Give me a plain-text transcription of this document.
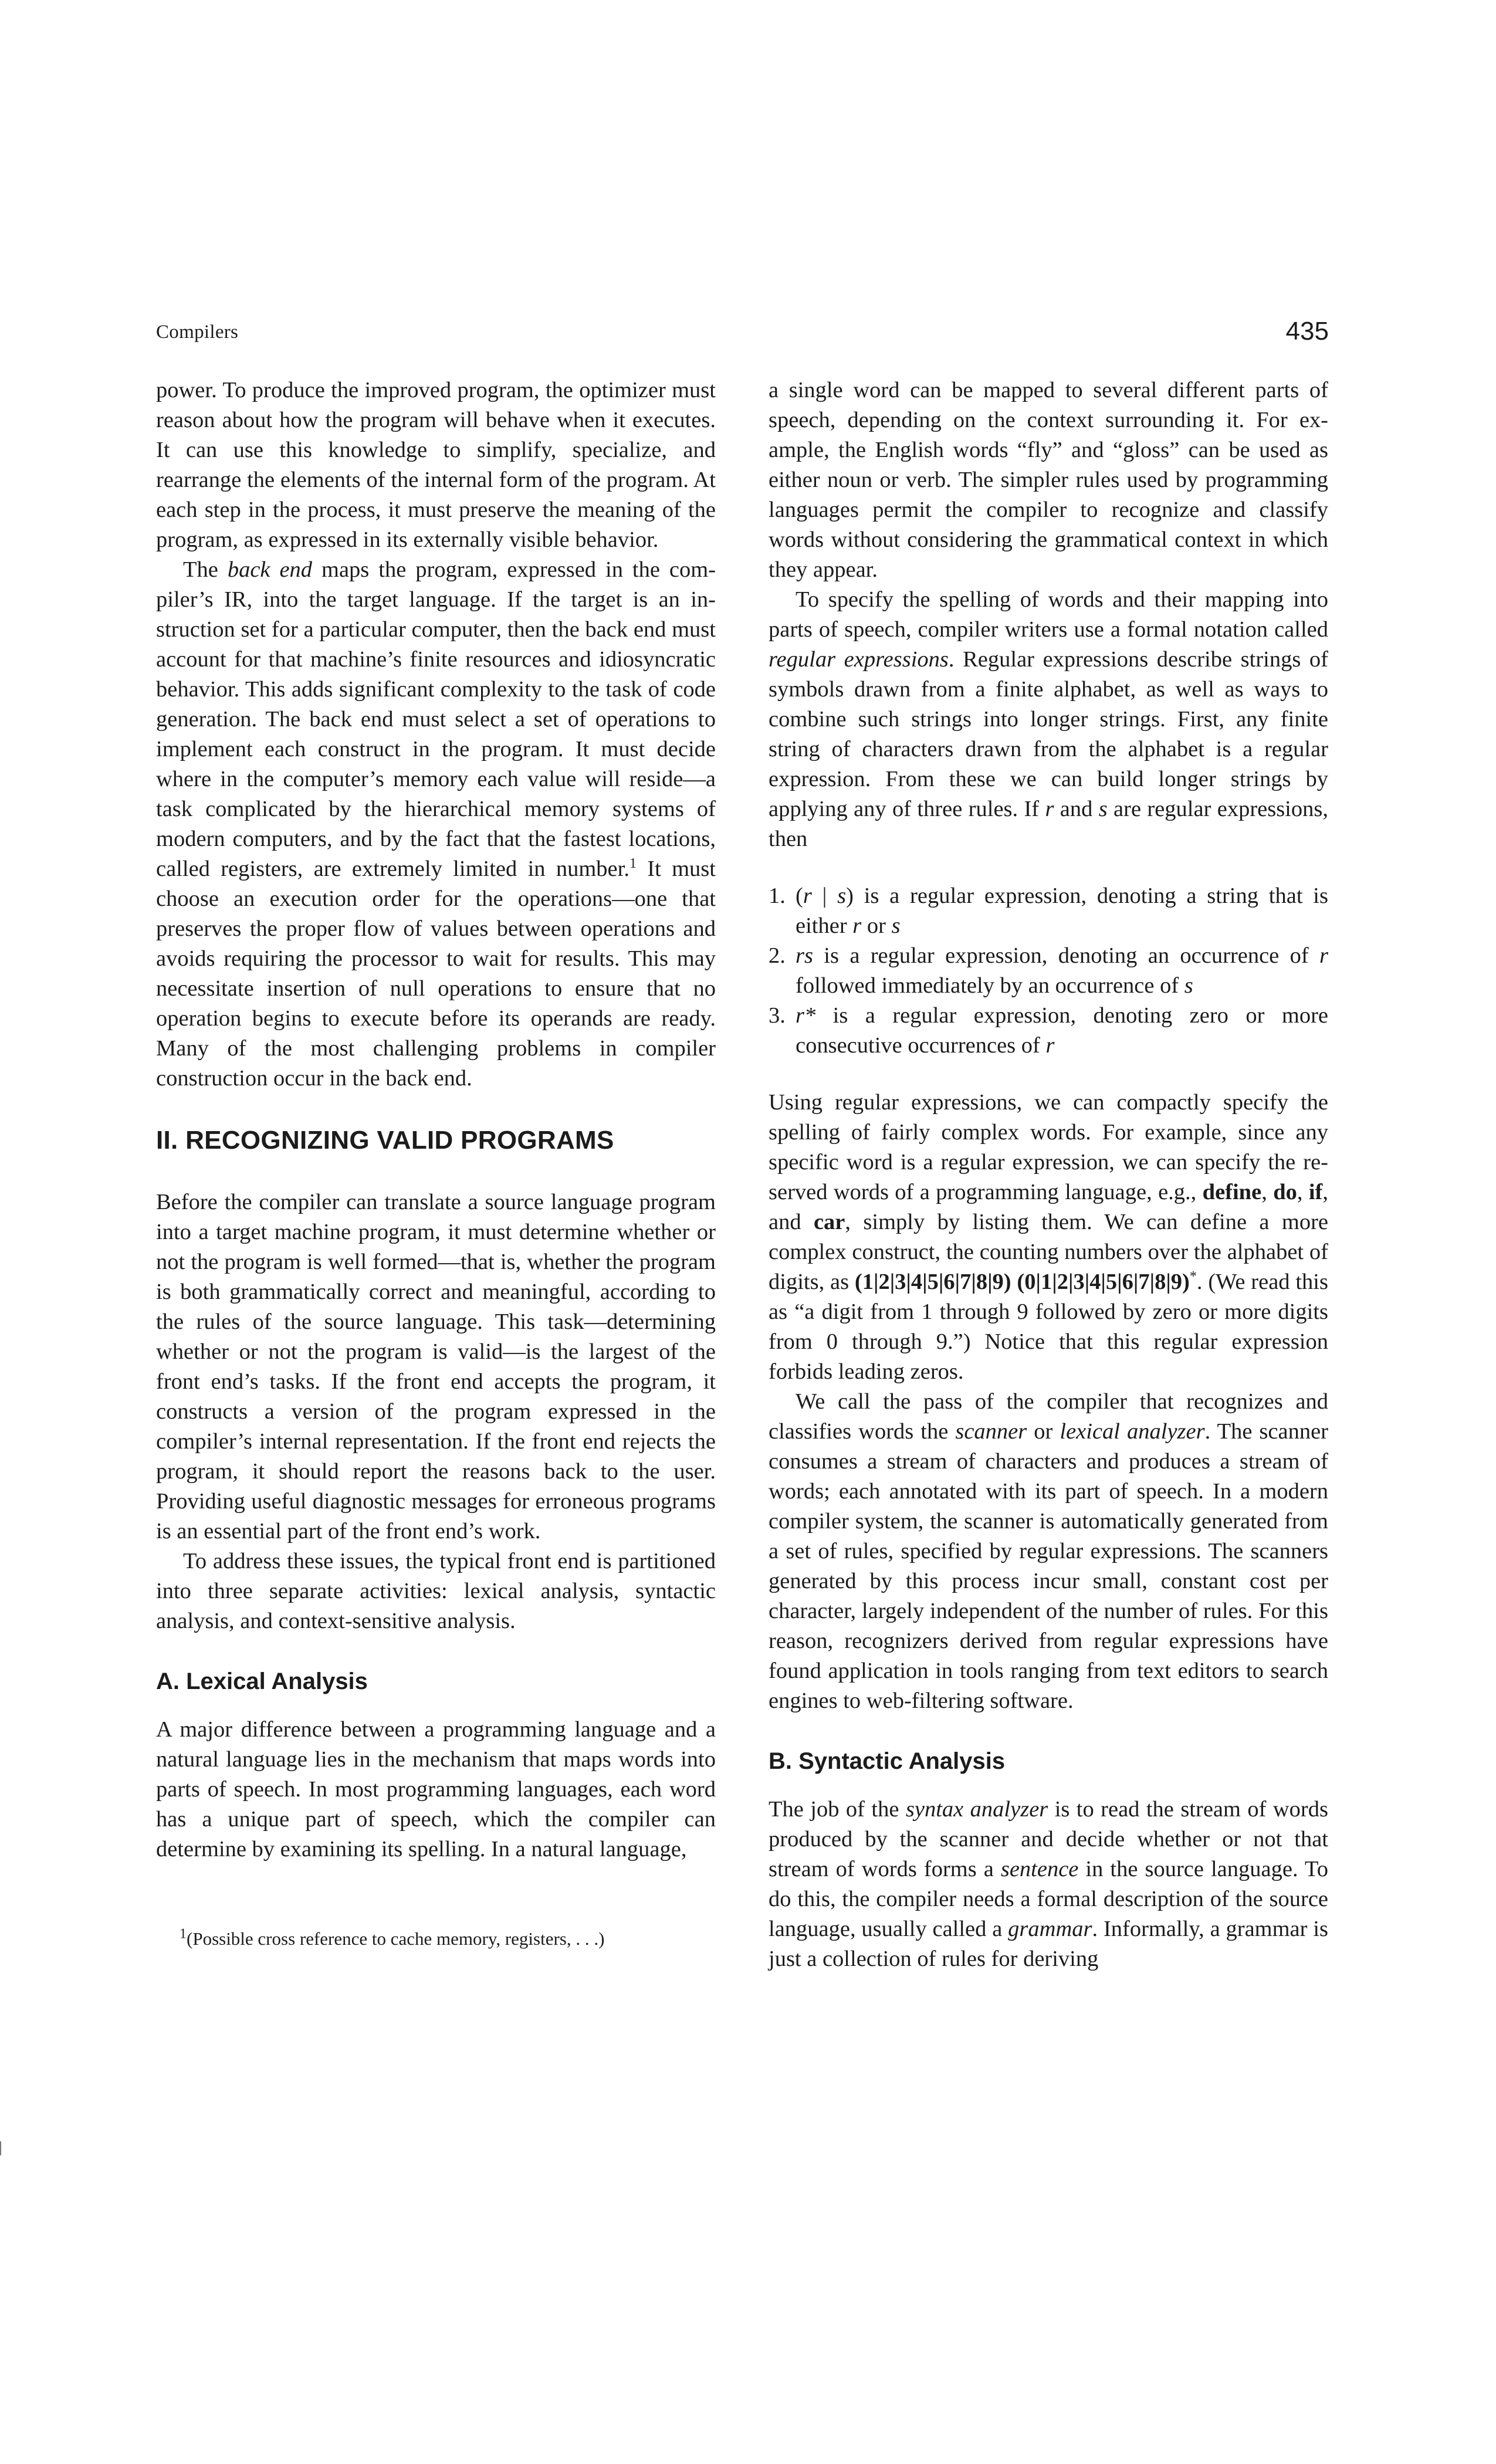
Compilers	435

power. To produce the improved program, the optimizer must reason about how the program will behave when it executes. It can use this knowledge to simplify, specialize, and rearrange the elements of the internal form of the program. At each step in the process, it must preserve the meaning of the program, as expressed in its externally visible behavior.

The back end maps the program, expressed in the compiler’s IR, into the target language. If the target is an instruction set for a particular computer, then the back end must account for that machine’s finite resources and idiosyncratic behavior. This adds significant complexity to the task of code generation. The back end must select a set of operations to implement each construct in the program. It must decide where in the computer’s memory each value will reside—a task complicated by the hierarchical memory systems of modern computers, and by the fact that the fastest locations, called registers, are extremely limited in number.$^1$ It must choose an execution order for the operations—one that preserves the proper flow of values between operations and avoids requiring the processor to wait for results. This may necessitate insertion of null operations to ensure that no operation begins to execute before its operands are ready. Many of the most challenging problems in compiler construction occur in the back end.

II. RECOGNIZING VALID PROGRAMS

Before the compiler can translate a source language program into a target machine program, it must determine whether or not the program is well formed—that is, whether the program is both grammatically correct and meaningful, according to the rules of the source language. This task—determining whether or not the program is valid—is the largest of the front end’s tasks. If the front end accepts the program, it constructs a version of the program expressed in the compiler’s internal representation. If the front end rejects the program, it should report the reasons back to the user. Providing useful diagnostic messages for erroneous programs is an essential part of the front end’s work.

To address these issues, the typical front end is partitioned into three separate activities: lexical analysis, syntactic analysis, and context-sensitive analysis.

A. Lexical Analysis

A major difference between a programming language and a natural language lies in the mechanism that maps words into parts of speech. In most programming languages, each word has a unique part of speech, which the compiler can determine by examining its spelling. In a natural language,

$^1$(Possible cross reference to cache memory, registers, . . .)

a single word can be mapped to several different parts of speech, depending on the context surrounding it. For example, the English words “fly” and “gloss” can be used as either noun or verb. The simpler rules used by programming languages permit the compiler to recognize and classify words without considering the grammatical context in which they appear.

To specify the spelling of words and their mapping into parts of speech, compiler writers use a formal notation called regular expressions. Regular expressions describe strings of symbols drawn from a finite alphabet, as well as ways to combine such strings into longer strings. First, any finite string of characters drawn from the alphabet is a regular expression. From these we can build longer strings by applying any of three rules. If r and s are regular expressions, then

1. (r | s) is a regular expression, denoting a string that is either r or s
2. rs is a regular expression, denoting an occurrence of r followed immediately by an occurrence of s
3. r* is a regular expression, denoting zero or more consecutive occurrences of r

Using regular expressions, we can compactly specify the spelling of fairly complex words. For example, since any specific word is a regular expression, we can specify the reserved words of a programming language, e.g., define, do, if, and car, simply by listing them. We can define a more complex construct, the counting numbers over the alphabet of digits, as (1|2|3|4|5|6|7|8|9) (0|1|2|3|4|5|6|7|8|9)*. (We read this as “a digit from 1 through 9 followed by zero or more digits from 0 through 9.”) Notice that this regular expression forbids leading zeros.

We call the pass of the compiler that recognizes and classifies words the scanner or lexical analyzer. The scanner consumes a stream of characters and produces a stream of words; each annotated with its part of speech. In a modern compiler system, the scanner is automatically generated from a set of rules, specified by regular expressions. The scanners generated by this process incur small, constant cost per character, largely independent of the number of rules. For this reason, recognizers derived from regular expressions have found application in tools ranging from text editors to search engines to web-filtering software.

B. Syntactic Analysis

The job of the syntax analyzer is to read the stream of words produced by the scanner and decide whether or not that stream of words forms a sentence in the source language. To do this, the compiler needs a formal description of the source language, usually called a grammar. Informally, a grammar is just a collection of rules for deriving
